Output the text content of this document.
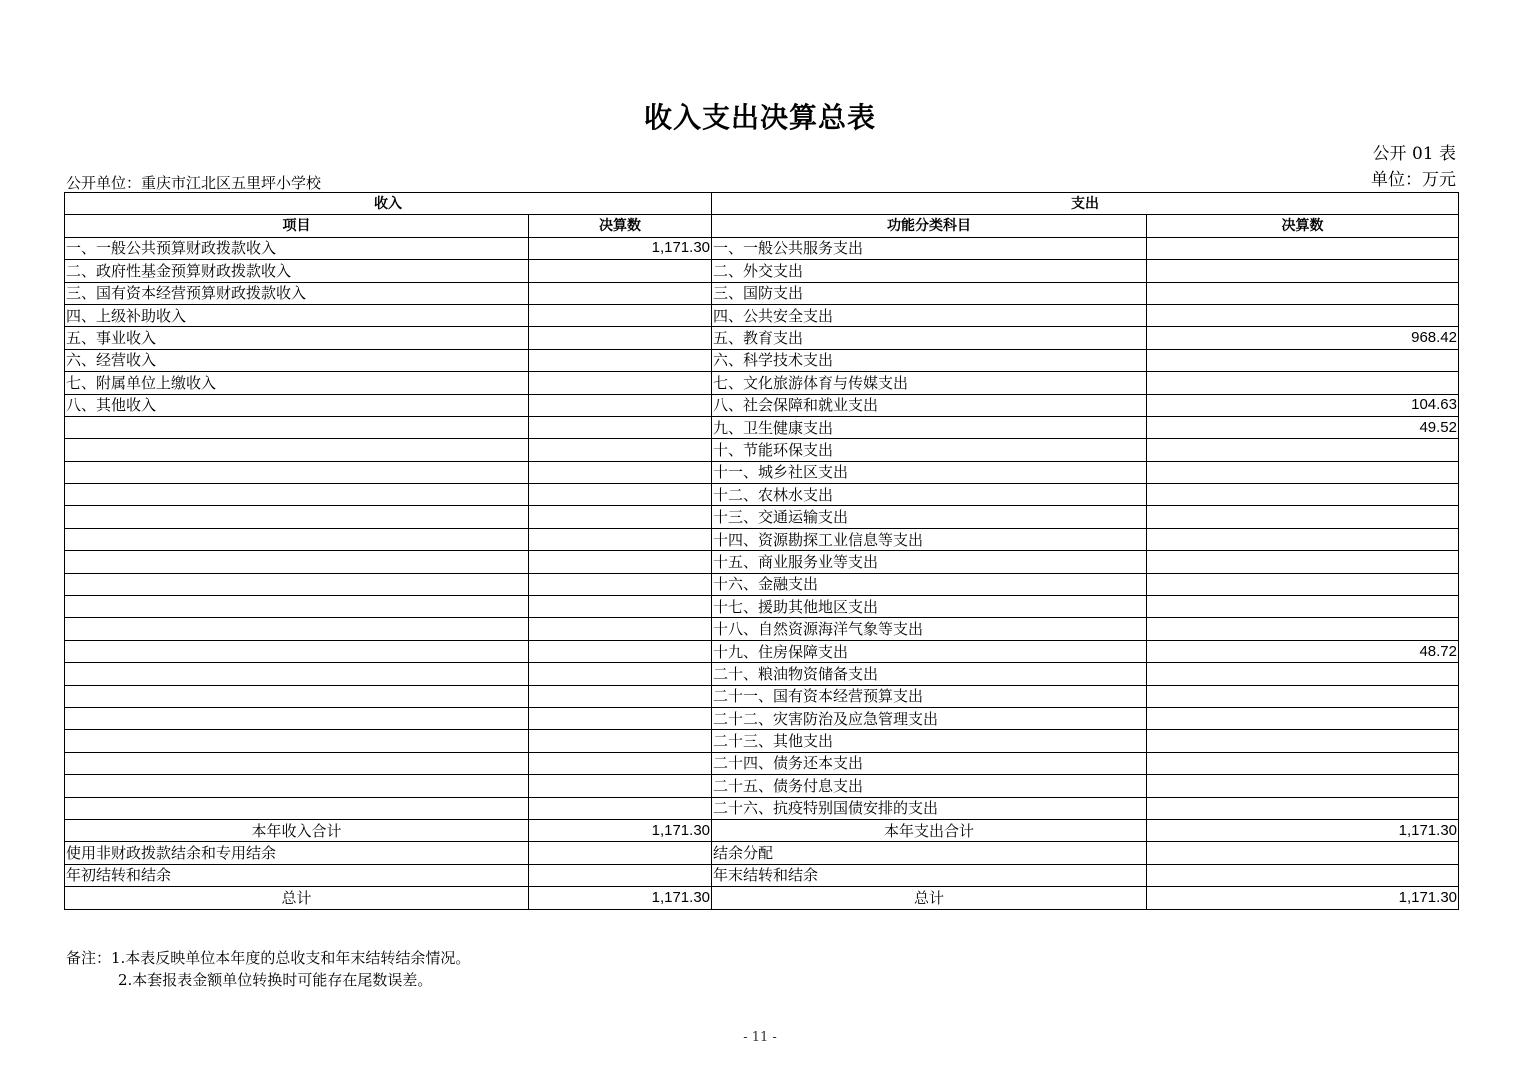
收入支出决算总表
公开 01 表
单位：万元
公开单位：重庆市江北区五里坪小学校
收入		支出	
项目	决算数	功能分类科目	决算数
一、一般公共预算财政拨款收入	1,171.30	一、一般公共服务支出	
二、政府性基金预算财政拨款收入		二、外交支出	
三、国有资本经营预算财政拨款收入		三、国防支出	
四、上级补助收入		四、公共安全支出	
五、事业收入		五、教育支出	968.42
六、经营收入		六、科学技术支出	
七、附属单位上缴收入		七、文化旅游体育与传媒支出	
八、其他收入		八、社会保障和就业支出	104.63
		九、卫生健康支出	49.52
		十、节能环保支出	
		十一、城乡社区支出	
		十二、农林水支出	
		十三、交通运输支出	
		十四、资源勘探工业信息等支出	
		十五、商业服务业等支出	
		十六、金融支出	
		十七、援助其他地区支出	
		十八、自然资源海洋气象等支出	
		十九、住房保障支出	48.72
		二十、粮油物资储备支出	
		二十一、国有资本经营预算支出	
		二十二、灾害防治及应急管理支出	
		二十三、其他支出	
		二十四、债务还本支出	
		二十五、债务付息支出	
		二十六、抗疫特别国债安排的支出	
本年收入合计	1,171.30	本年支出合计	1,171.30
使用非财政拨款结余和专用结余		结余分配	
年初结转和结余		年末结转和结余	
总计	1,171.30	总计	1,171.30
备注：1.本表反映单位本年度的总收支和年末结转结余情况。
2.本套报表金额单位转换时可能存在尾数误差。
- 11 -
